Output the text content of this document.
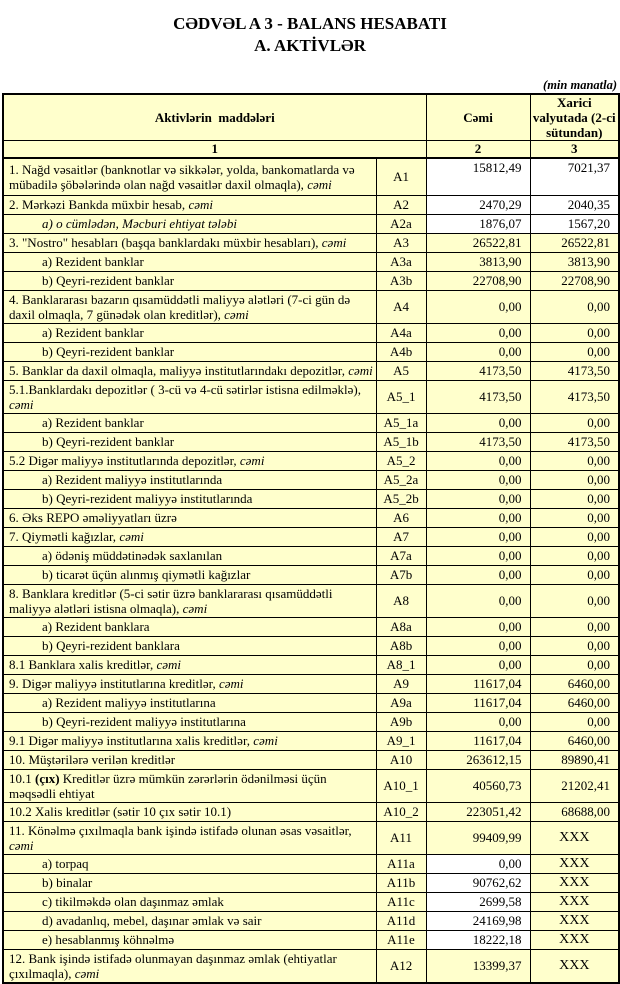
CƏDVƏL A 3 - BALANS HESABATI
A. AKTİVLƏR
(min manatla)
Aktivlərin  maddələri		Cəmi	Xarici valyutada (2-ci sütundan)
1		2	3
1. Nağd vəsaitlər (banknotlar və sikkələr, yolda, bankomatlarda və mübadilə şöbələrində olan nağd vəsaitlər daxil olmaqla), cəmi	A1	15812,49	7021,37
2. Mərkəzi Bankda müxbir hesab, cəmi	A2	2470,29	2040,35
a) o cümlədən, Məcburi ehtiyat tələbi	A2a	1876,07	1567,20
3. "Nostro" hesabları (başqa banklardakı müxbir hesabları), cəmi	A3	26522,81	26522,81
a) Rezident banklar	A3a	3813,90	3813,90
b) Qeyri-rezident banklar	A3b	22708,90	22708,90
4. Banklararası bazarın qısamüddətli maliyyə alətləri (7-ci gün də daxil olmaqla, 7 günədək olan kreditlər), cəmi	A4	0,00	0,00
a) Rezident banklar	A4a	0,00	0,00
b) Qeyri-rezident banklar	A4b	0,00	0,00
5. Banklar da daxil olmaqla, maliyyə institutlarındakı depozitlər, cəmi	A5	4173,50	4173,50
5.1.Banklardakı depozitlər ( 3-cü və 4-cü sətirlər istisna edilməklə), cəmi	A5_1	4173,50	4173,50
a) Rezident banklar	A5_1a	0,00	0,00
b) Qeyri-rezident banklar	A5_1b	4173,50	4173,50
5.2 Digər maliyyə institutlarında depozitlər, cəmi	A5_2	0,00	0,00
a) Rezident maliyyə institutlarında	A5_2a	0,00	0,00
b) Qeyri-rezident maliyyə institutlarında	A5_2b	0,00	0,00
6. Əks REPO əməliyyatları üzrə	A6	0,00	0,00
7. Qiymətli kağızlar, cəmi	A7	0,00	0,00
a) ödəniş müddətinədək saxlanılan	A7a	0,00	0,00
b) ticarət üçün alınmış qiymətli kağızlar	A7b	0,00	0,00
8. Banklara kreditlər (5-ci sətir üzrə banklararası qısamüddətli maliyyə alətləri istisna olmaqla), cəmi	A8	0,00	0,00
a) Rezident banklara	A8a	0,00	0,00
b) Qeyri-rezident banklara	A8b	0,00	0,00
8.1 Banklara xalis kreditlər, cəmi	A8_1	0,00	0,00
9. Digər maliyyə institutlarına kreditlər, cəmi	A9	11617,04	6460,00
a) Rezident maliyyə institutlarına	A9a	11617,04	6460,00
b) Qeyri-rezident maliyyə institutlarına	A9b	0,00	0,00
9.1 Digər maliyyə institutlarına xalis kreditlər, cəmi	A9_1	11617,04	6460,00
10. Müştərilərə verilən kreditlər	A10	263612,15	89890,41
10.1 (çıx) Kreditlər üzrə mümkün zərərlərin ödənilməsi üçün məqsədli ehtiyat	A10_1	40560,73	21202,41
10.2 Xalis kreditlər (sətir 10 çıx sətir 10.1)	A10_2	223051,42	68688,00
11. Könəlmə çıxılmaqla bank işində istifadə olunan əsas vəsaitlər, cəmi	A11	99409,99	XXX
a) torpaq	A11a	0,00	XXX
b) binalar	A11b	90762,62	XXX
c) tikilməkdə olan daşınmaz əmlak	A11c	2699,58	XXX
d) avadanlıq, mebel, daşınar əmlak və sair	A11d	24169,98	XXX
e) hesablanmış köhnəlmə	A11e	18222,18	XXX
12. Bank işində istifadə olunmayan daşınmaz əmlak (ehtiyatlar çıxılmaqla), cəmi	A12	13399,37	XXX
